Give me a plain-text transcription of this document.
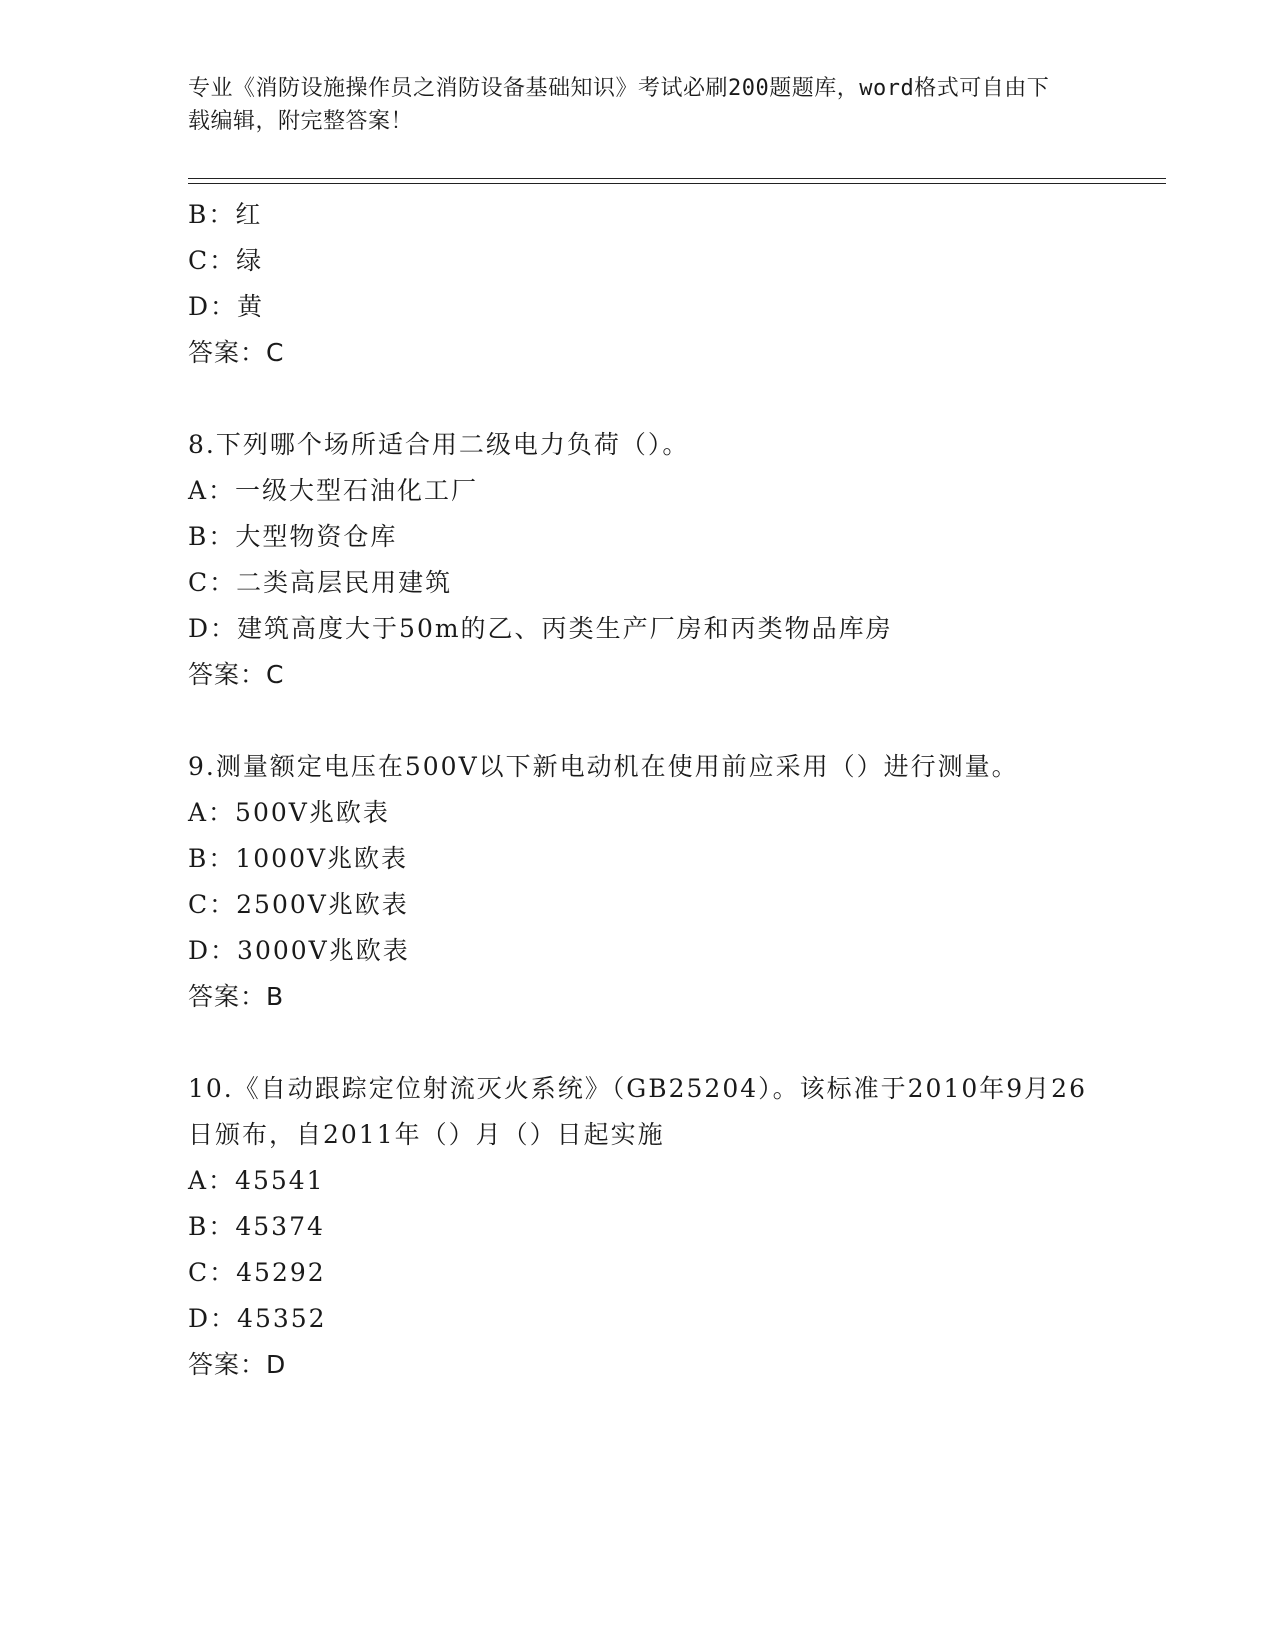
专业《消防设施操作员之消防设备基础知识》考试必刷200题题库，word格式可自由下载编辑，附完整答案！
B：红
C：绿
D：黄
答案：C
8.下列哪个场所适合用二级电力负荷（）。
A：一级大型石油化工厂
B：大型物资仓库
C：二类高层民用建筑
D：建筑高度大于50m的乙、丙类生产厂房和丙类物品库房
答案：C
9.测量额定电压在500V以下新电动机在使用前应采用（）进行测量。
A：500V兆欧表
B：1000V兆欧表
C：2500V兆欧表
D：3000V兆欧表
答案：B
10.《自动跟踪定位射流灭火系统》（GB25204）。该标准于2010年9月26日颁布，自2011年（）月（）日起实施
A：45541
B：45374
C：45292
D：45352
答案：D
